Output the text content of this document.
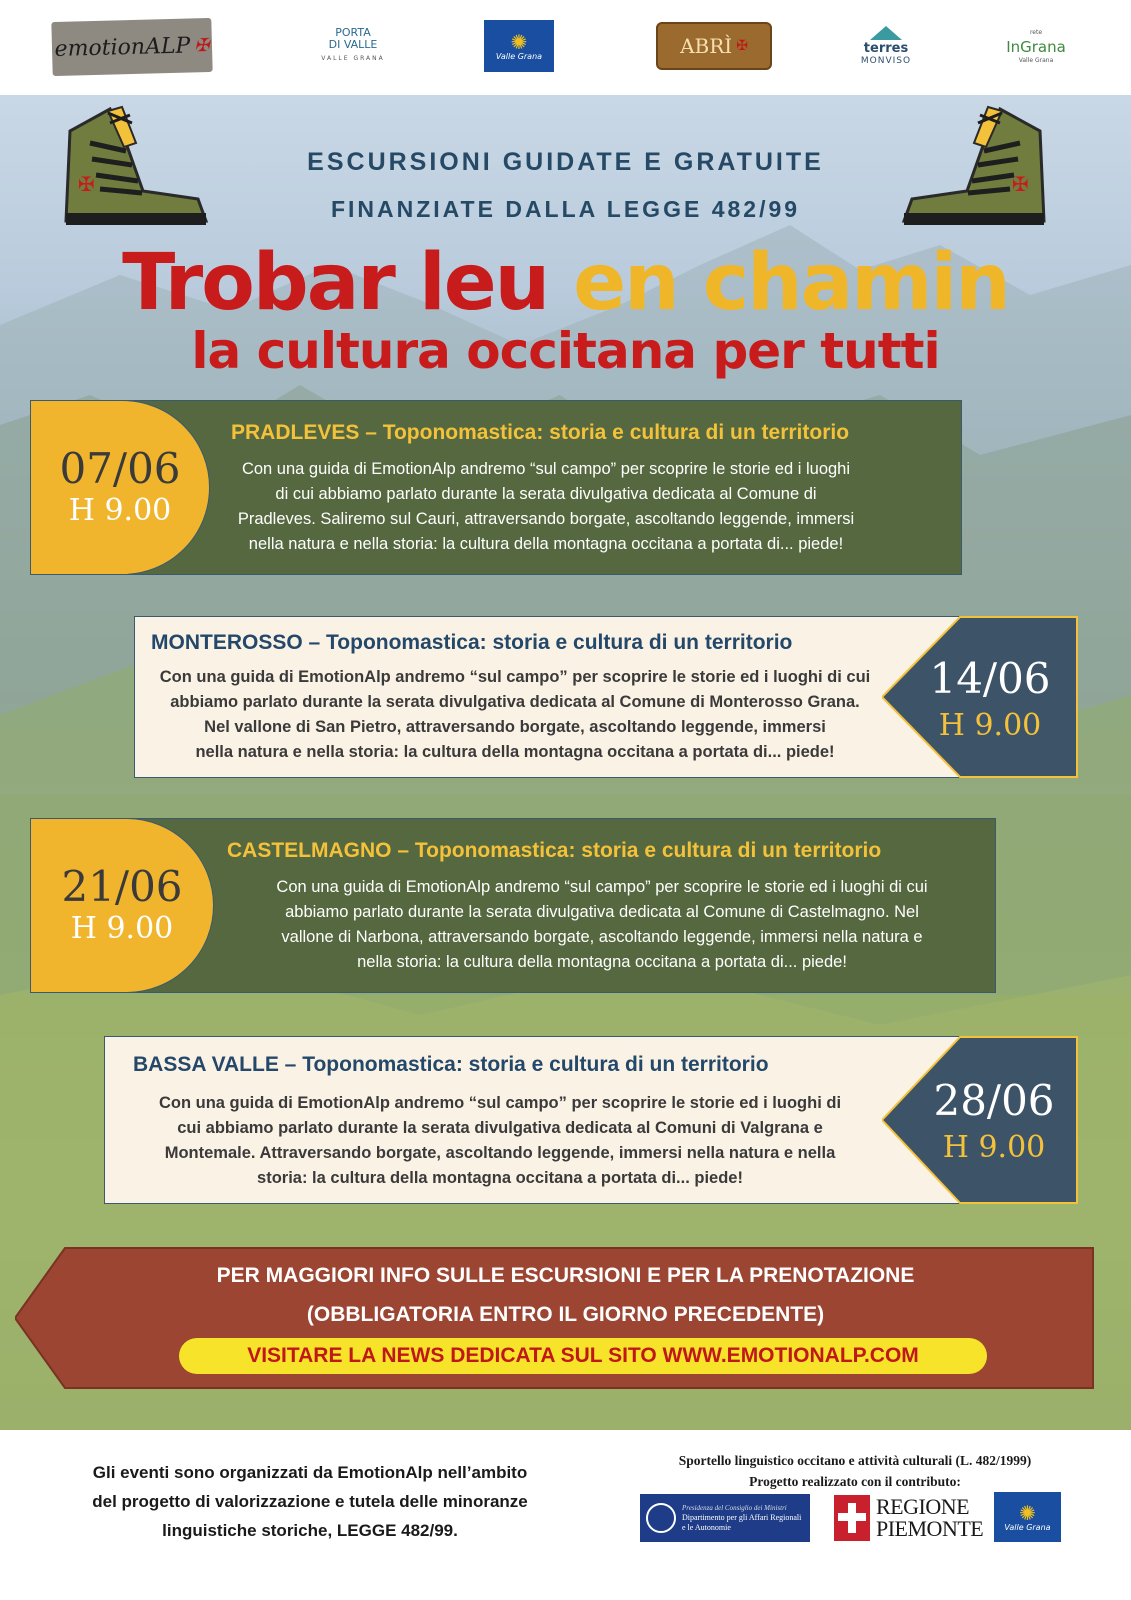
emotionALP ✠
PORTA
DI VALLE
VALLE GRANA
✺
Valle Grana	ABRÌ ✠	terres
MONVISO
rete
InGrana
Valle Grana
✠	✠
ESCURSIONI GUIDATE E GRATUITE
FINANZIATE DALLA LEGGE 482/99
Trobar leu en chamin
la cultura occitana per tutti
PRADLEVES – Toponomastica: storia e cultura di un territorio
Con una guida di EmotionAlp andremo “sul campo” per scoprire le storie ed i luoghi
di cui abbiamo parlato durante la serata divulgativa dedicata al Comune di
Pradleves. Saliremo sul Cauri, attraversando borgate, ascoltando leggende, immersi
nella natura e nella storia: la cultura della montagna occitana a portata di... piede!
07/06
H 9.00
MONTEROSSO – Toponomastica: storia e cultura di un territorio
Con una guida di EmotionAlp andremo “sul campo” per scoprire le storie ed i luoghi di cui
abbiamo parlato durante la serata divulgativa dedicata al Comune di Monterosso Grana.
Nel vallone di San Pietro, attraversando borgate, ascoltando leggende, immersi
nella natura e nella storia: la cultura della montagna occitana a portata di... piede!
14/06
H 9.00
CASTELMAGNO – Toponomastica: storia e cultura di un territorio
Con una guida di EmotionAlp andremo “sul campo” per scoprire le storie ed i luoghi di cui
abbiamo parlato durante la serata divulgativa dedicata al Comune di Castelmagno. Nel
vallone di Narbona, attraversando borgate, ascoltando leggende, immersi nella natura e
nella storia: la cultura della montagna occitana a portata di... piede!
21/06
H 9.00
BASSA VALLE – Toponomastica: storia e cultura di un territorio
Con una guida di EmotionAlp andremo “sul campo” per scoprire le storie ed i luoghi di
cui abbiamo parlato durante la serata divulgativa dedicata al Comuni di Valgrana e
Montemale. Attraversando borgate, ascoltando leggende, immersi nella natura e nella
storia: la cultura della montagna occitana a portata di... piede!
28/06
H 9.00
PER MAGGIORI INFO SULLE ESCURSIONI E PER LA PRENOTAZIONE
(OBBLIGATORIA ENTRO IL GIORNO PRECEDENTE)
VISITARE LA NEWS DEDICATA SUL SITO WWW.EMOTIONALP.COM
Gli eventi sono organizzati da EmotionAlp nell’ambito
del progetto di valorizzazione e tutela delle minoranze
linguistiche storiche, LEGGE 482/99.
Sportello linguistico occitano e attività culturali (L. 482/1999)
Progetto realizzato con il contributo:
Presidenza del Consiglio dei Ministri
Dipartimento per gli Affari Regionali
e le Autonomie
REGIONE
PIEMONTE
✺
Valle Grana
